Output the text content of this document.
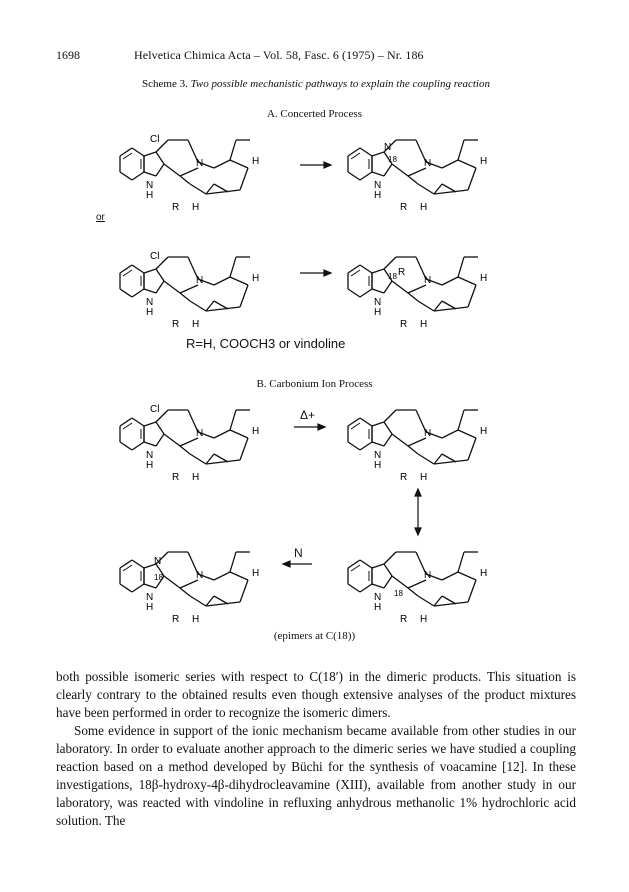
1698	Helvetica Chimica Acta – Vol. 58, Fasc. 6 (1975) – Nr. 186
Scheme 3. Two possible mechanistic pathways to explain the coupling reaction
A. Concerted Process
B. Carbonium Ion Process
N	H
N
H
R H
Cl
N	H
N
H
R H
18
N
N	H
N
H
R H
Cl
N	H
N
H
R H
18 R
N	H
N
H
R H
Cl
N	H
N
H
R H
N	H
N
H
R H
18
N
N	H
N
H
R H
18
or
Δ+
N
R=H, COOCH3 or vindoline
(epimers at C(18))

both possible isomeric series with respect to C(18′) in the dimeric products. This situation is clearly contrary to the obtained results even though extensive analyses of the product mixtures have been performed in order to recognize the isomeric dimers.

Some evidence in support of the ionic mechanism became available from other studies in our laboratory. In order to evaluate another approach to the dimeric series we have studied a coupling reaction based on a method developed by Büchi for the synthesis of voacamine [12]. In these investigations, 18β-hydroxy-4β-dihydrocleavamine (XIII), available from another study in our laboratory, was reacted with vindoline in refluxing anhydrous methanolic 1% hydrochloric acid solution. The
